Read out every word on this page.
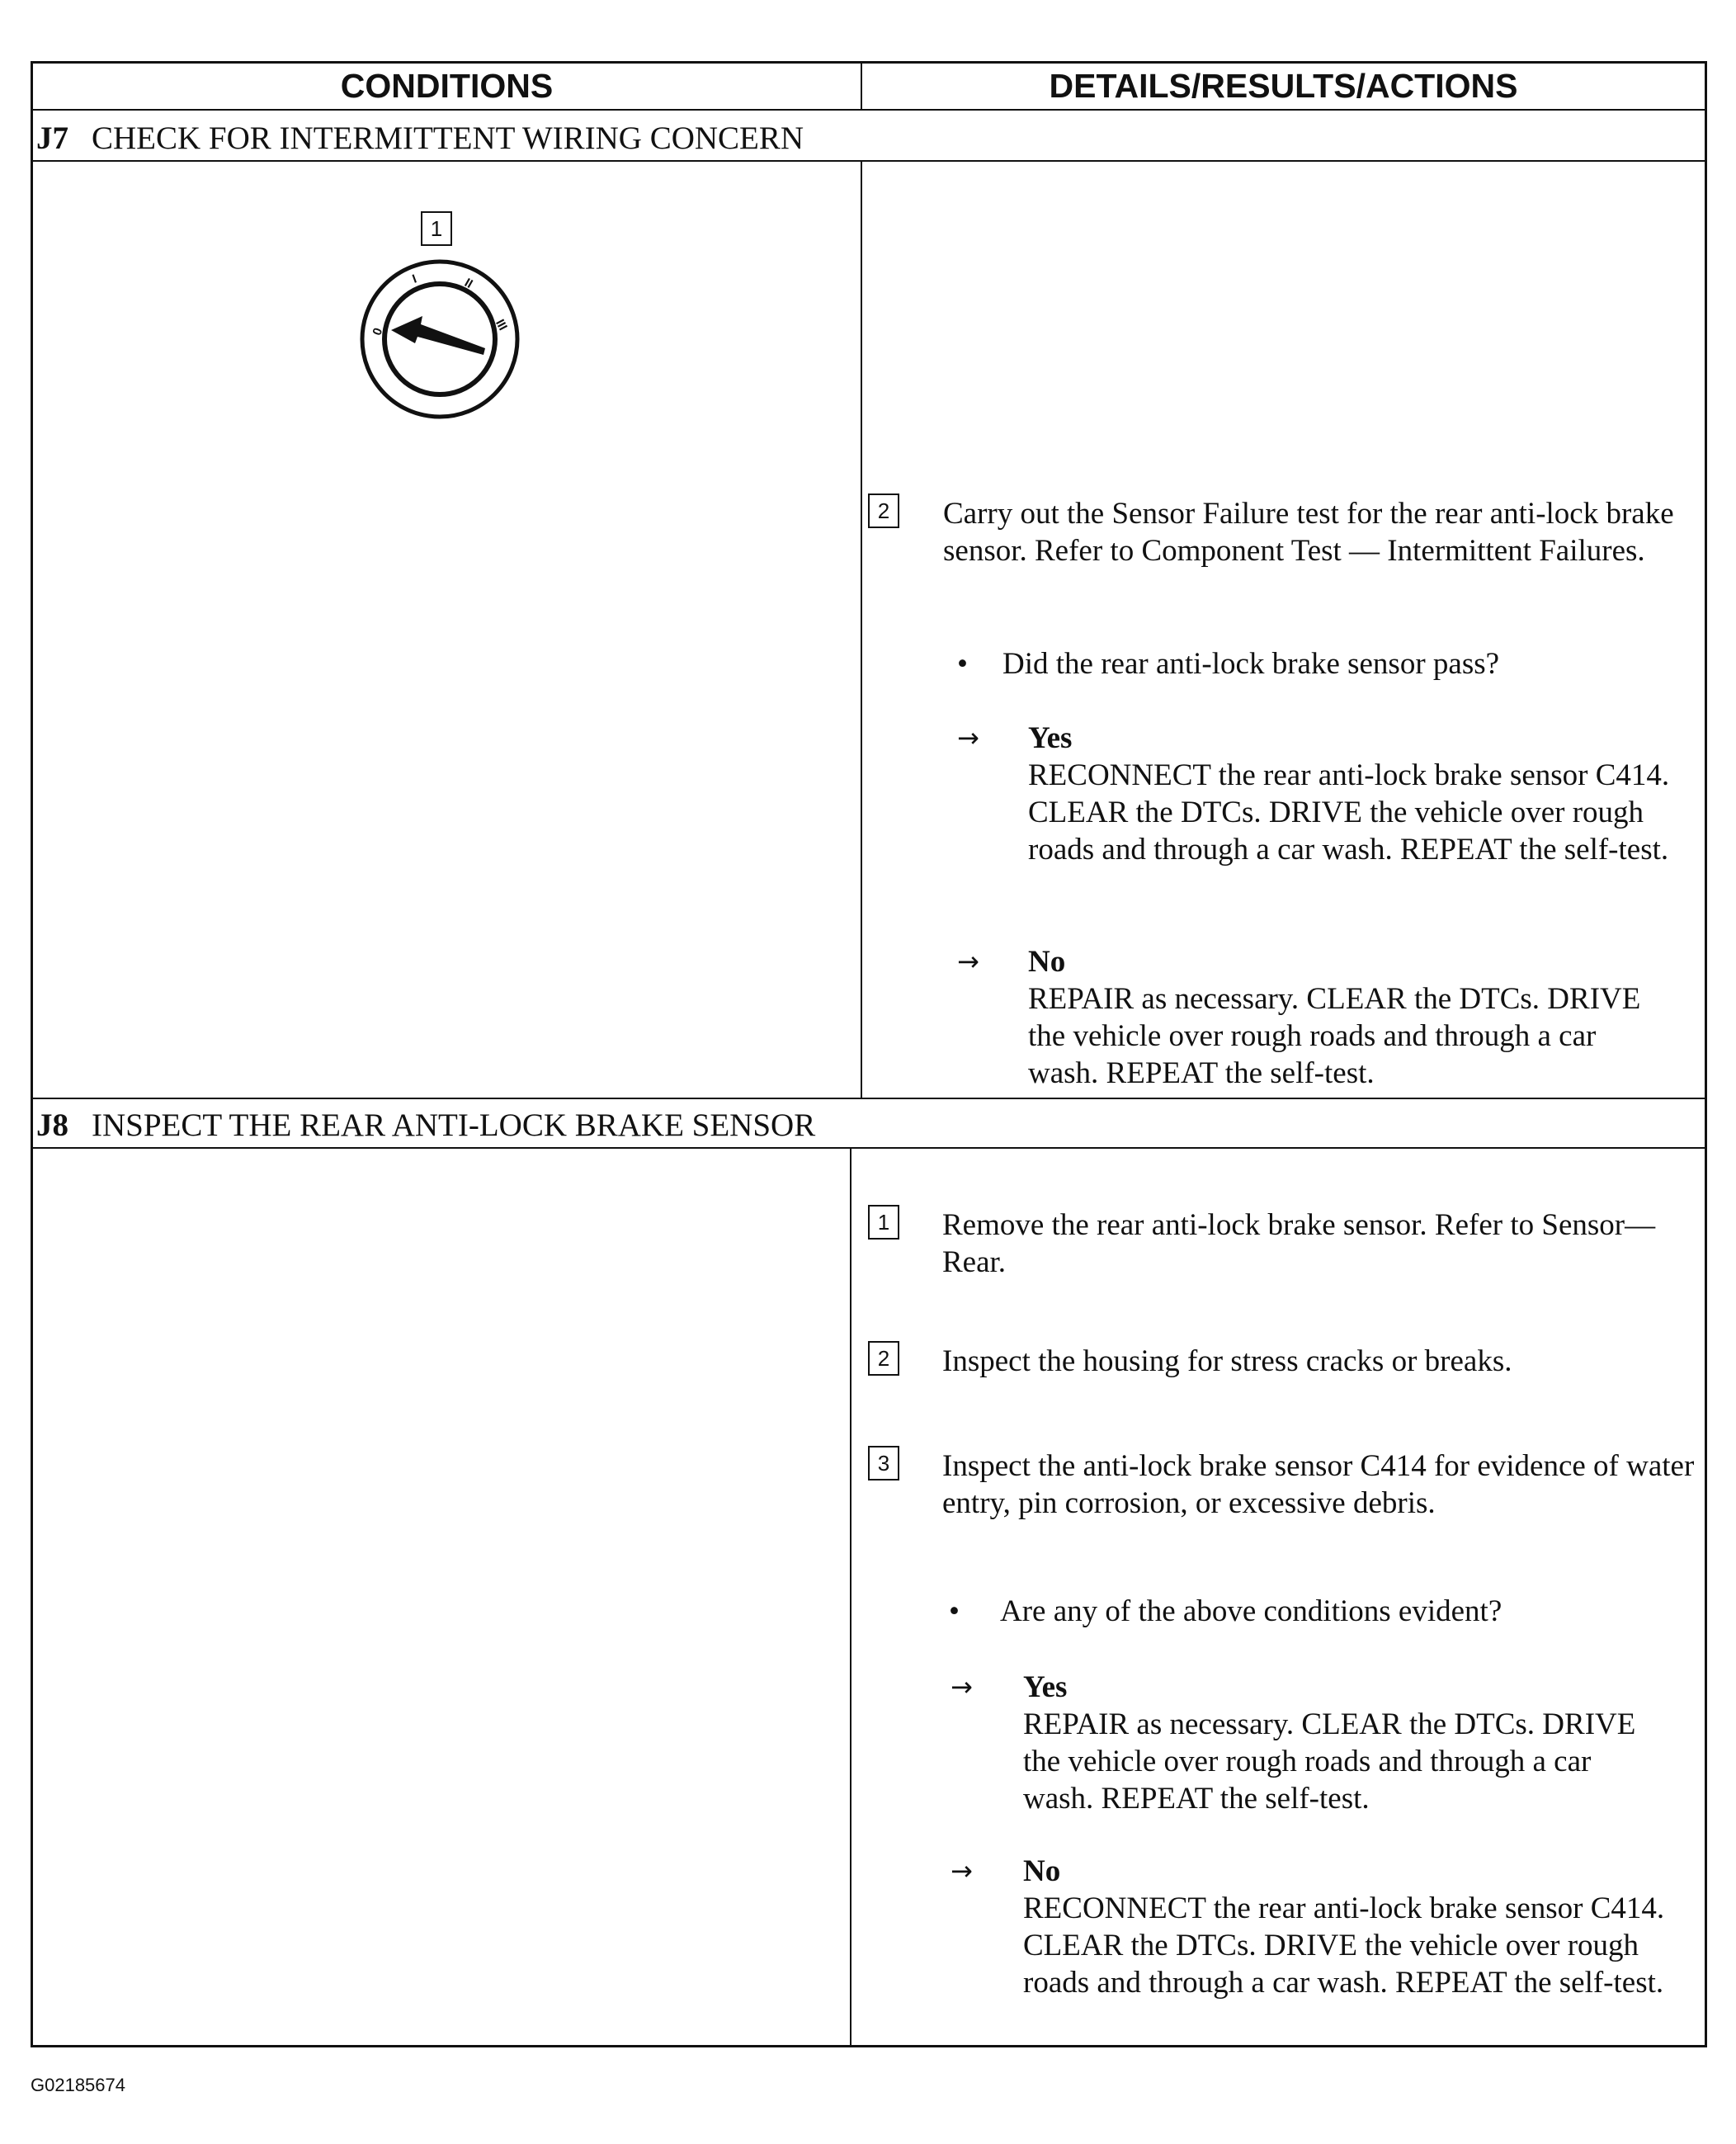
CONDITIONS	DETAILS/RESULTS/ACTIONS
J7 CHECK FOR INTERMITTENT WIRING CONCERN
1
0
I	II
III
2	Carry out the Sensor Failure test for the rear anti-lock brake sensor. Refer to Component Test — Intermittent Failures.
• Did the rear anti-lock brake sensor pass?
→ Yes
RECONNECT the rear anti-lock brake sensor C414. CLEAR the DTCs. DRIVE the vehicle over rough roads and through a car wash. REPEAT the self-test.
→ No
REPAIR as necessary. CLEAR the DTCs. DRIVE the vehicle over rough roads and through a car wash. REPEAT the self-test.
J8 INSPECT THE REAR ANTI-LOCK BRAKE SENSOR
1	Remove the rear anti-lock brake sensor. Refer to Sensor—Rear.
2	Inspect the housing for stress cracks or breaks.
3	Inspect the anti-lock brake sensor C414 for evidence of water entry, pin corrosion, or excessive debris.
• Are any of the above conditions evident?
→ Yes
REPAIR as necessary. CLEAR the DTCs. DRIVE the vehicle over rough roads and through a car wash. REPEAT the self-test.
→ No
RECONNECT the rear anti-lock brake sensor C414. CLEAR the DTCs. DRIVE the vehicle over rough roads and through a car wash. REPEAT the self-test.
G02185674
